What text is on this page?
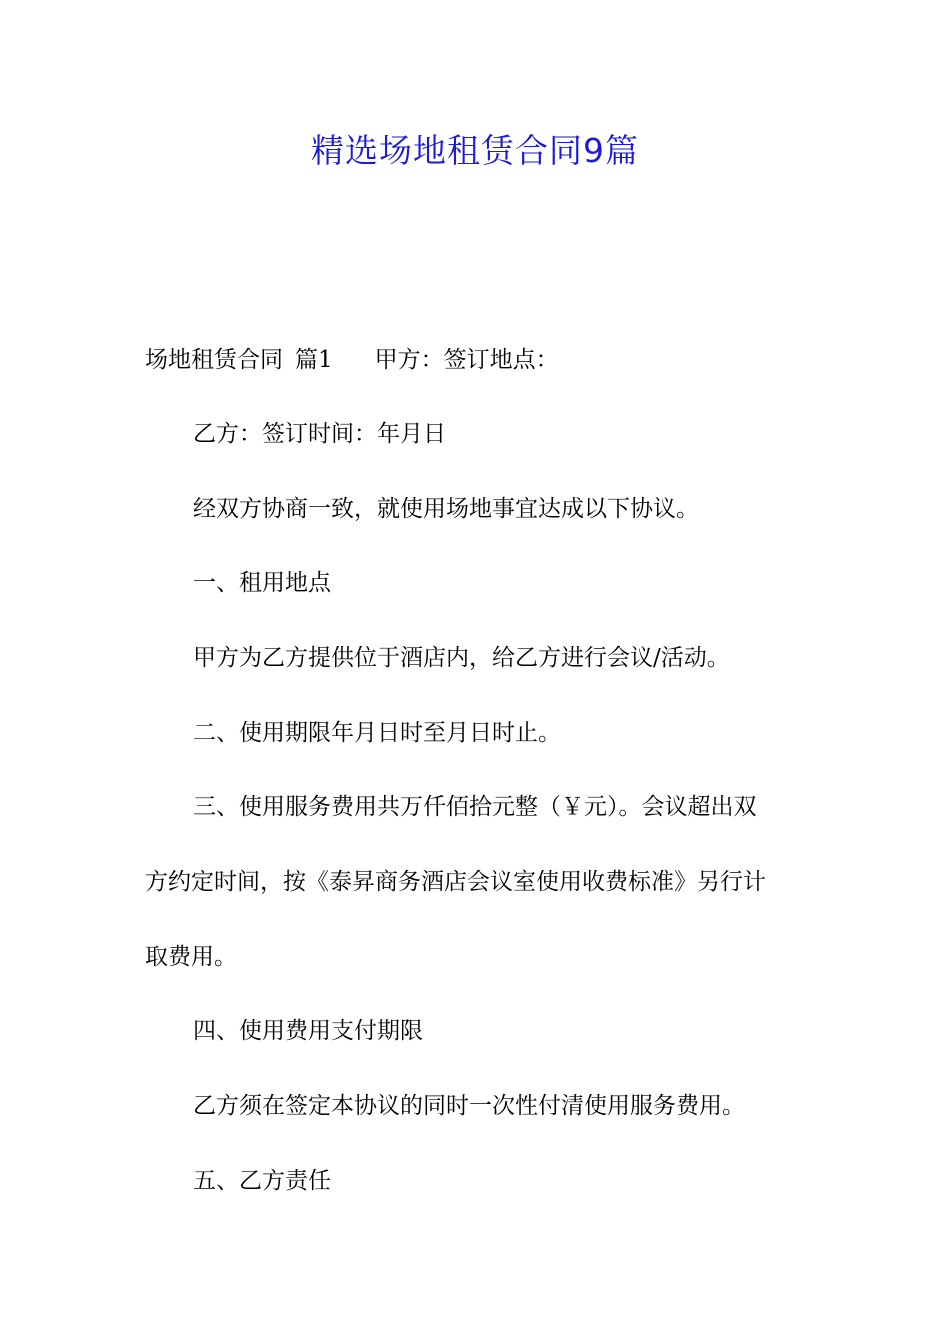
精选场地租赁合同9篇
场地租赁合同 篇1 甲方：签订地点：
乙方：签订时间：年月日
经双方协商一致，就使用场地事宜达成以下协议。
一、租用地点
甲方为乙方提供位于酒店内，给乙方进行会议/活动。
二、使用期限年月日时至月日时止。
三、使用服务费用共万仟佰拾元整（￥元）。会议超出双
方约定时间，按《泰昇商务酒店会议室使用收费标准》另行计
取费用。
四、使用费用支付期限
乙方须在签定本协议的同时一次性付清使用服务费用。
五、乙方责任
